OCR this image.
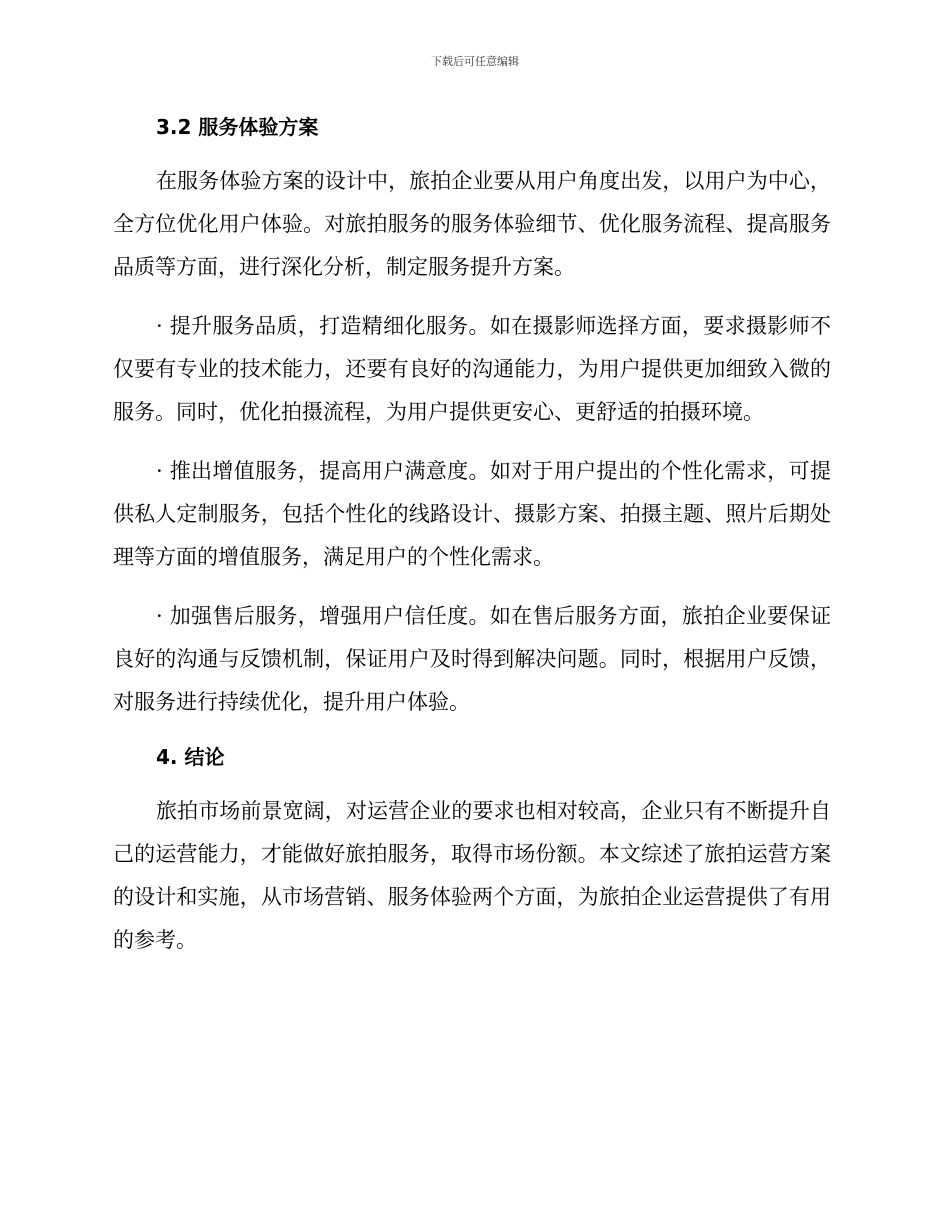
下载后可任意编辑
3.2 服务体验方案

在服务体验方案的设计中，旅拍企业要从用户角度出发，以用户为中心，全方位优化用户体验。对旅拍服务的服务体验细节、优化服务流程、提高服务品质等方面，进行深化分析，制定服务提升方案。

· 提升服务品质，打造精细化服务。如在摄影师选择方面，要求摄影师不仅要有专业的技术能力，还要有良好的沟通能力，为用户提供更加细致入微的服务。同时，优化拍摄流程，为用户提供更安心、更舒适的拍摄环境。

· 推出增值服务，提高用户满意度。如对于用户提出的个性化需求，可提供私人定制服务，包括个性化的线路设计、摄影方案、拍摄主题、照片后期处理等方面的增值服务，满足用户的个性化需求。

· 加强售后服务，增强用户信任度。如在售后服务方面，旅拍企业要保证良好的沟通与反馈机制，保证用户及时得到解决问题。同时，根据用户反馈，对服务进行持续优化，提升用户体验。

4. 结论

旅拍市场前景宽阔，对运营企业的要求也相对较高，企业只有不断提升自己的运营能力，才能做好旅拍服务，取得市场份额。本文综述了旅拍运营方案的设计和实施，从市场营销、服务体验两个方面，为旅拍企业运营提供了有用的参考。
